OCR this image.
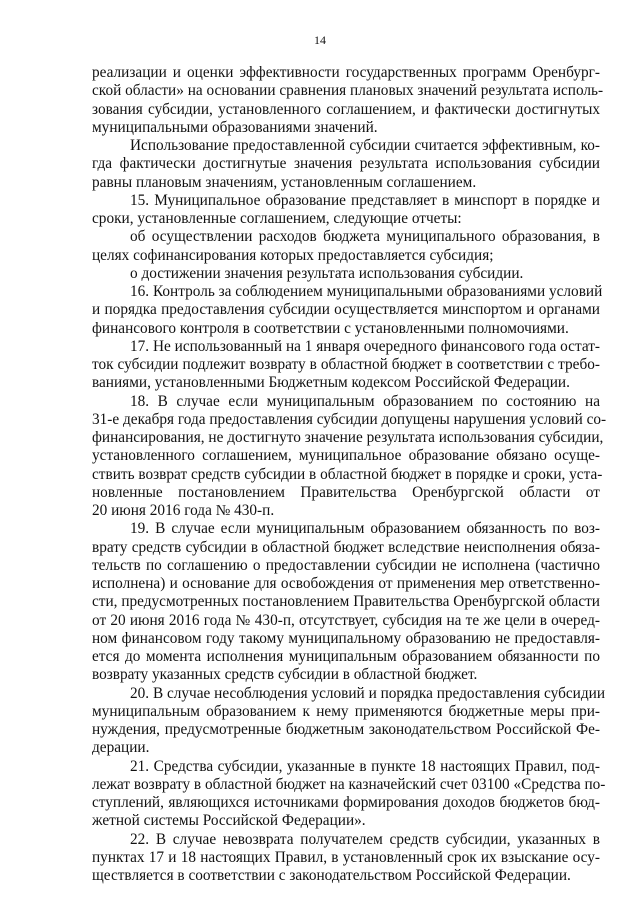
14
реализации и оценки эффективности государственных программ Оренбург-
ской области» на основании сравнения плановых значений результата исполь-
зования субсидии, установленного соглашением, и фактически достигнутых
муниципальными образованиями значений.
Использование предоставленной субсидии считается эффективным, ко-
гда фактически достигнутые значения результата использования субсидии
равны плановым значениям, установленным соглашением.
15. Муниципальное образование представляет в минспорт в порядке и
сроки, установленные соглашением, следующие отчеты:
об осуществлении расходов бюджета муниципального образования, в
целях софинансирования которых предоставляется субсидия;
о достижении значения результата использования субсидии.
16. Контроль за соблюдением муниципальными образованиями условий
и порядка предоставления субсидии осуществляется минспортом и органами
финансового контроля в соответствии с установленными полномочиями.
17. Не использованный на 1 января очередного финансового года остат-
ток субсидии подлежит возврату в областной бюджет в соответствии с требо-
ваниями, установленными Бюджетным кодексом Российской Федерации.
18. В случае если муниципальным образованием по состоянию на
31-е декабря года предоставления субсидии допущены нарушения условий со-
финансирования, не достигнуто значение результата использования субсидии,
установленного соглашением, муниципальное образование обязано осуще-
ствить возврат средств субсидии в областной бюджет в порядке и сроки, уста-
новленные постановлением Правительства Оренбургской области от
20 июня 2016 года № 430-п.
19. В случае если муниципальным образованием обязанность по воз-
врату средств субсидии в областной бюджет вследствие неисполнения обяза-
тельств по соглашению о предоставлении субсидии не исполнена (частично
исполнена) и основание для освобождения от применения мер ответственно-
сти, предусмотренных постановлением Правительства Оренбургской области
от 20 июня 2016 года № 430-п, отсутствует, субсидия на те же цели в очеред-
ном финансовом году такому муниципальному образованию не предоставля-
ется до момента исполнения муниципальным образованием обязанности по
возврату указанных средств субсидии в областной бюджет.
20. В случае несоблюдения условий и порядка предоставления субсидии
муниципальным образованием к нему применяются бюджетные меры при-
нуждения, предусмотренные бюджетным законодательством Российской Фе-
дерации.
21. Средства субсидии, указанные в пункте 18 настоящих Правил, под-
лежат возврату в областной бюджет на казначейский счет 03100 «Средства по-
ступлений, являющихся источниками формирования доходов бюджетов бюд-
жетной системы Российской Федерации».
22. В случае невозврата получателем средств субсидии, указанных в
пунктах 17 и 18 настоящих Правил, в установленный срок их взыскание осу-
ществляется в соответствии с законодательством Российской Федерации.
